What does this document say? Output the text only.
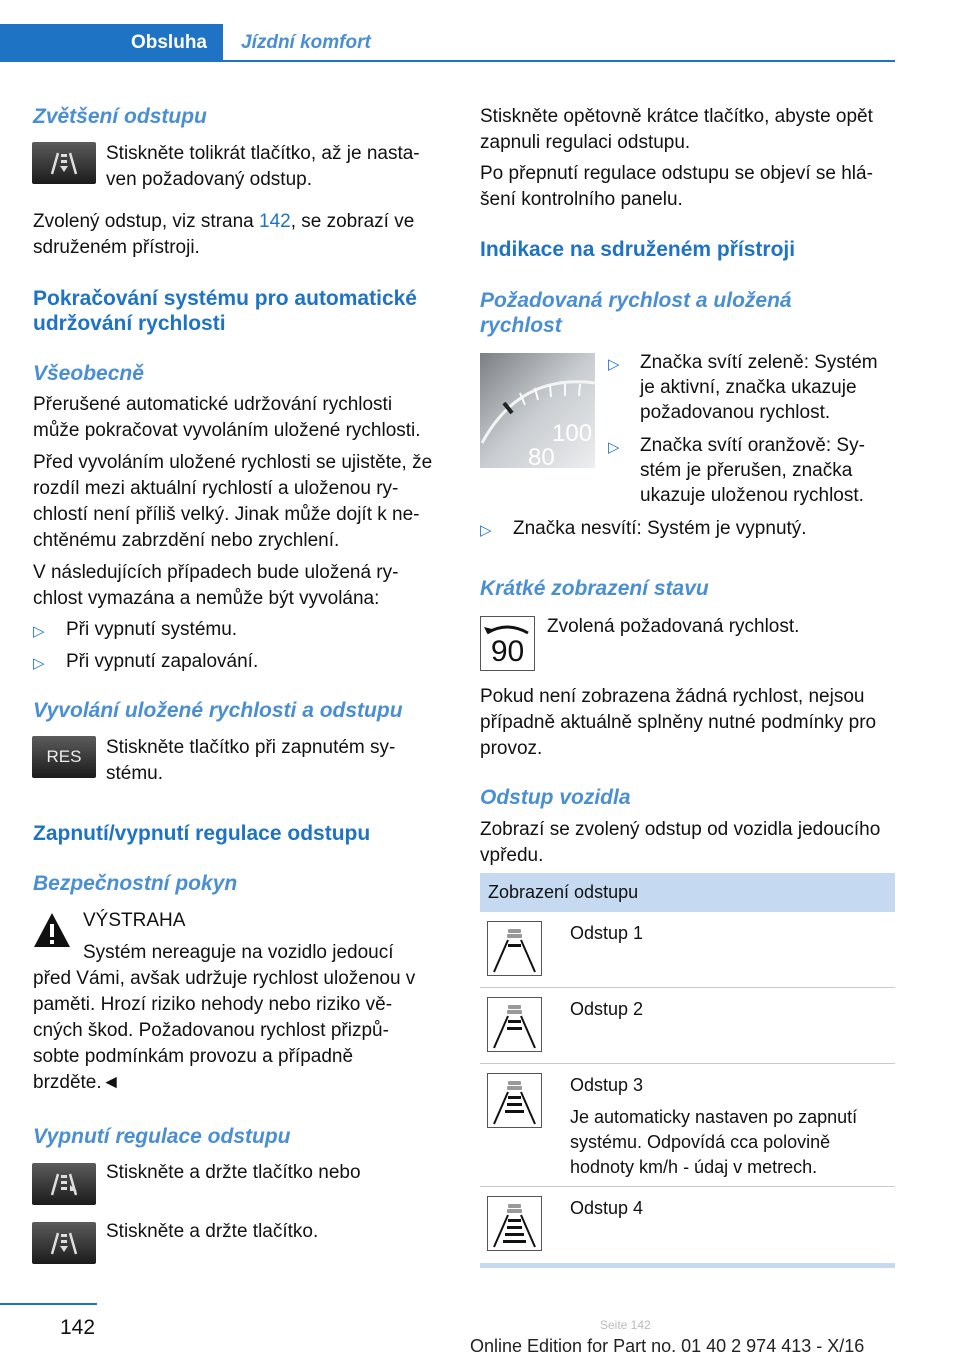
Obsluha	Jízdní komfort
Zvětšení odstupu
Stiskněte tolikrát tlačítko, až je nasta‐
ven požadovaný odstup.
Zvolený odstup, viz strana 142, se zobrazí ve
sdruženém přístroji.
Pokračování systému pro automatické
udržování rychlosti
Všeobecně
Přerušené automatické udržování rychlosti
může pokračovat vyvoláním uložené rychlosti.
Před vyvoláním uložené rychlosti se ujistěte, že
rozdíl mezi aktuální rychlostí a uloženou ry‐
chlostí není příliš velký. Jinak může dojít k ne‐
chtěnému zabrzdění nebo zrychlení.
V následujících případech bude uložená ry‐
chlost vymazána a nemůže být vyvolána:
▷ Při vypnutí systému.
▷ Při vypnutí zapalování.
Vyvolání uložené rychlosti a odstupu
RES	Stiskněte tlačítko při zapnutém sy‐
stému.
Zapnutí/vypnutí regulace odstupu
Bezpečnostní pokyn
VÝSTRAHA
Systém nereaguje na vozidlo jedoucí
před Vámi, avšak udržuje rychlost uloženou v
paměti. Hrozí riziko nehody nebo riziko vě‐
cných škod. Požadovanou rychlost přizpů‐
sobte podmínkám provozu a případně
brzděte.◄
Vypnutí regulace odstupu
Stiskněte a držte tlačítko nebo
Stiskněte a držte tlačítko.
Stiskněte opětovně krátce tlačítko, abyste opět
zapnuli regulaci odstupu.
Po přepnutí regulace odstupu se objeví se hlá‐
šení kontrolního panelu.
Indikace na sdruženém přístroji
Požadovaná rychlost a uložená
rychlost
100
80
▷ Značka svítí zeleně: Systém
je aktivní, značka ukazuje
požadovanou rychlost.
▷ Značka svítí oranžově: Sy‐
stém je přerušen, značka
ukazuje uloženou rychlost.
▷ Značka nesvítí: Systém je vypnutý.
Krátké zobrazení stavu
90
Zvolená požadovaná rychlost.
Pokud není zobrazena žádná rychlost, nejsou
případně aktuálně splněny nutné podmínky pro
provoz.
Odstup vozidla
Zobrazí se zvolený odstup od vozidla jedoucího
vpředu.
Zobrazení odstupu
Odstup 1
Odstup 2
Odstup 3
Je automaticky nastaven po zapnutí
systému. Odpovídá cca polovině
hodnoty km/h - údaj v metrech.
Odstup 4
142	Seite 142
Online Edition for Part no. 01 40 2 974 413 - X/16
